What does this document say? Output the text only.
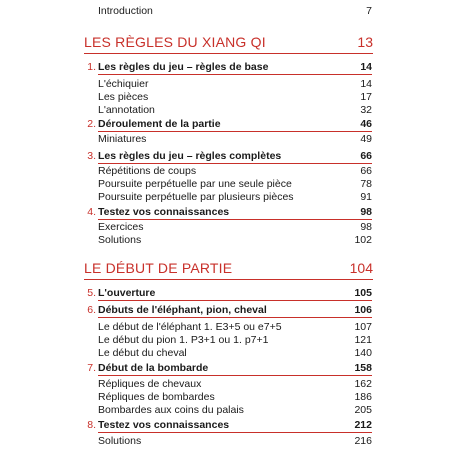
Introduction	7
LES RÈGLES DU XIANG QI	13
1. Les règles du jeu – règles de base	14
L'échiquier	14
Les pièces	17
L'annotation	32
2. Déroulement de la partie	46
Miniatures	49
3. Les règles du jeu – règles complètes	66
Répétitions de coups	66
Poursuite perpétuelle par une seule pièce	78
Poursuite perpétuelle par plusieurs pièces	91
4. Testez vos connaissances	98
Exercices	98
Solutions	102
LE DÉBUT DE PARTIE	104
5. L'ouverture	105
6. Débuts de l'éléphant, pion, cheval	106
Le début de l'éléphant 1. E3+5 ou e7+5	107
Le début du pion 1. P3+1 ou 1. p7+1	121
Le début du cheval	140
7. Début de la bombarde	158
Répliques de chevaux	162
Répliques de bombardes	186
Bombardes aux coins du palais	205
8. Testez vos connaissances	212
Solutions	216
